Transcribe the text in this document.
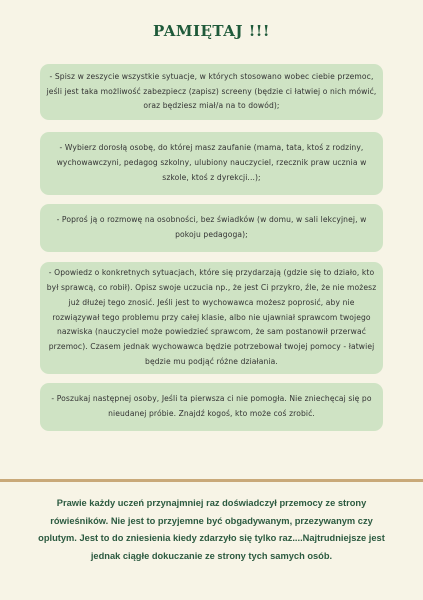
PAMIĘTAJ !!!
- Spisz w zeszycie wszystkie sytuacje, w których stosowano wobec ciebie przemoc, jeśli jest taka możliwość zabezpiecz (zapisz) screeny (będzie ci łatwiej o nich mówić, oraz będziesz miał/a na to dowód);
- Wybierz dorosłą osobę, do której masz zaufanie (mama, tata, ktoś z rodziny, wychowawczyni, pedagog szkolny, ulubiony nauczyciel, rzecznik praw ucznia w szkole, ktoś z dyrekcji...);
- Poproś ją o rozmowę na osobności, bez świadków (w domu, w sali lekcyjnej, w pokoju pedagoga);
- Opowiedz o konkretnych sytuacjach, które się przydarzają (gdzie się to działo, kto był sprawcą, co robił). Opisz swoje uczucia np., że jest Ci przykro, źle, że nie możesz już dłużej tego znosić. Jeśli jest to wychowawca możesz poprosić, aby nie rozwiązywał tego problemu przy całej klasie, albo nie ujawniał sprawcom twojego nazwiska (nauczyciel może powiedzieć sprawcom, że sam postanowił przerwać przemoc). Czasem jednak wychowawca będzie potrzebował twojej pomocy - łatwiej będzie mu podjąć różne działania.
- Poszukaj następnej osoby, Jeśli ta pierwsza ci nie pomogła. Nie zniechęcaj się po nieudanej próbie. Znajdź kogoś, kto może coś zrobić.
Prawie każdy uczeń przynajmniej raz doświadczył przemocy ze strony rówieśników. Nie jest to przyjemne być obgadywanym, przezywanym czy oplutym. Jest to do zniesienia kiedy zdarzyło się tylko raz....Najtrudniejsze jest jednak ciągłe dokuczanie ze strony tych samych osób.
